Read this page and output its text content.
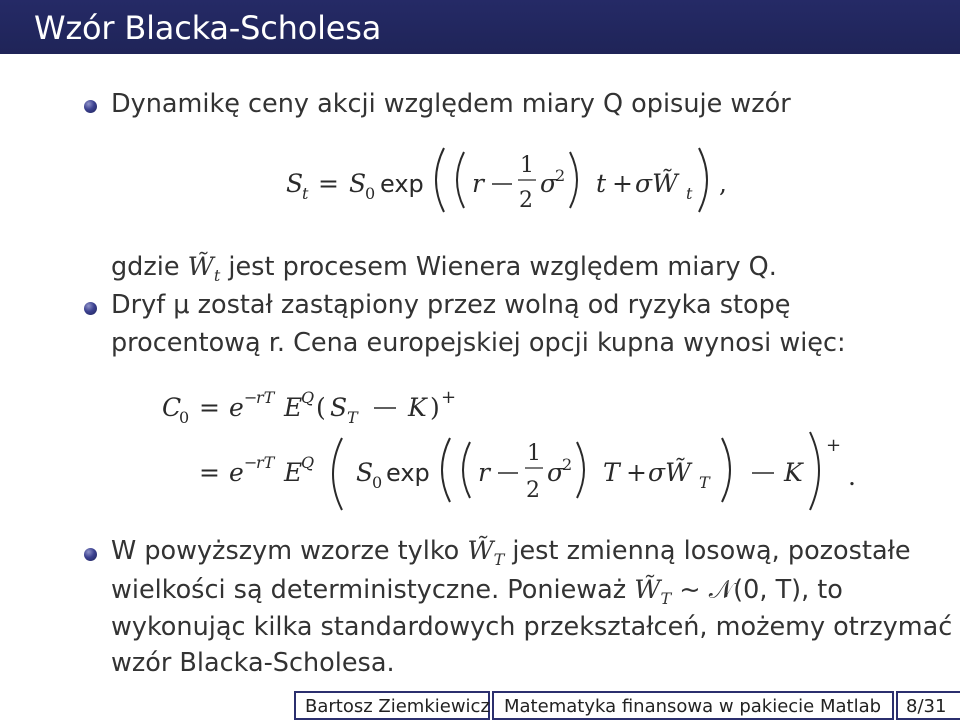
Wzór Blacka-Scholesa
Dynamikę ceny akcji względem miary Q opisuje wzór
S
t = S
0 exp r
1
2
σ
2 t + σW̃ t ,
gdzie $W̃_t$ jest procesem Wienera względem miary Q.
Dryf μ został zastąpiony przez wolną od ryzyka stopę
procentową r. Cena europejskiej opcji kupna wynosi więc:
C
0 = e −
rT E
Q ( S T K ) +
= e −
rT E
Q S
0 exp r
1
2
σ
2 T + σW̃ T	K
+
.
W powyższym wzorze tylko $W̃_T$ jest zmienną losową, pozostałe
wielkości są deterministyczne. Ponieważ $W̃_T$ ∼ 𝒩(0, T), to
wykonując kilka standardowych przekształceń, możemy otrzymać
wzór Blacka-Scholesa.
Bartosz Ziemkiewicz Matematyka finansowa w pakiecie Matlab 8/31
